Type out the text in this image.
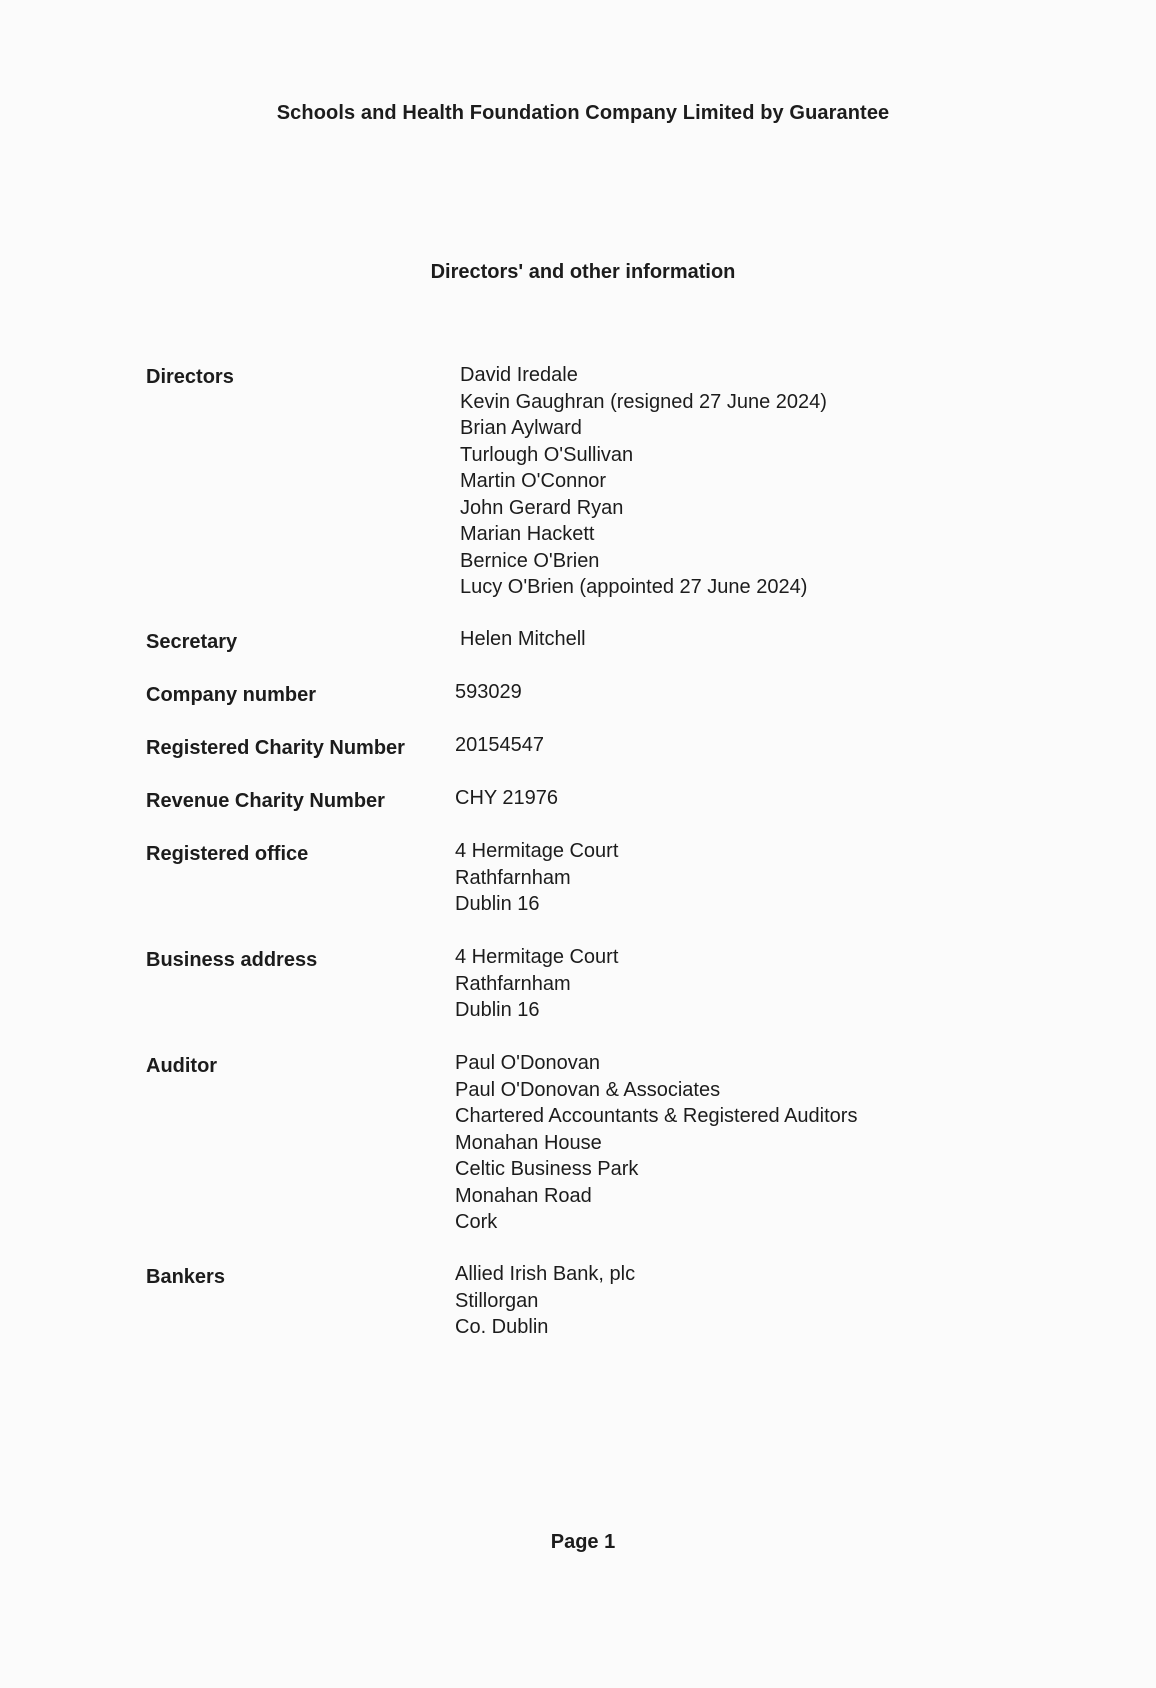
Schools and Health Foundation Company Limited by Guarantee
Directors' and other information
Directors	David Iredale
Kevin Gaughran (resigned 27 June 2024)
Brian Aylward
Turlough O'Sullivan
Martin O'Connor
John Gerard Ryan
Marian Hackett
Bernice O'Brien
Lucy O'Brien (appointed 27 June 2024)
Secretary	Helen Mitchell
Company number	593029
Registered Charity Number	20154547
Revenue Charity Number	CHY 21976
Registered office	4 Hermitage Court
Rathfarnham
Dublin 16
Business address	4 Hermitage Court
Rathfarnham
Dublin 16
Auditor	Paul O'Donovan
Paul O'Donovan & Associates
Chartered Accountants & Registered Auditors
Monahan House
Celtic Business Park
Monahan Road
Cork
Bankers	Allied Irish Bank, plc
Stillorgan
Co. Dublin
Page 1
